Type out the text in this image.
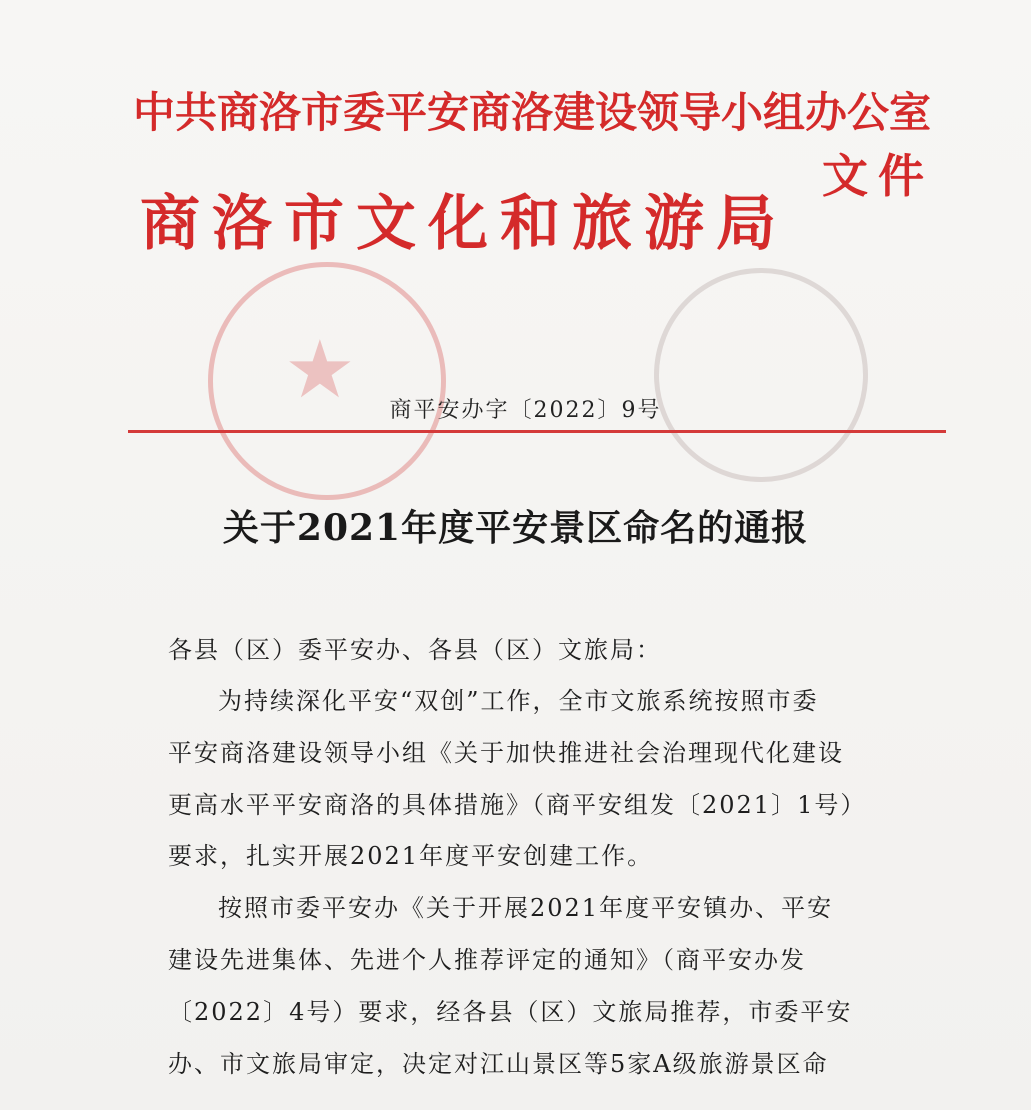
★
中共商洛市委平安商洛建设领导小组办公室
文件
商洛市文化和旅游局
商平安办字〔2022〕9号
关于2021年度平安景区命名的通报
各县（区）委平安办、各县（区）文旅局：
为持续深化平安“双创”工作，全市文旅系统按照市委
平安商洛建设领导小组《关于加快推进社会治理现代化建设
更高水平平安商洛的具体措施》（商平安组发〔2021〕1号）
要求，扎实开展2021年度平安创建工作。
按照市委平安办《关于开展2021年度平安镇办、平安
建设先进集体、先进个人推荐评定的通知》（商平安办发
〔2022〕4号）要求，经各县（区）文旅局推荐，市委平安
办、市文旅局审定，决定对江山景区等5家A级旅游景区命
